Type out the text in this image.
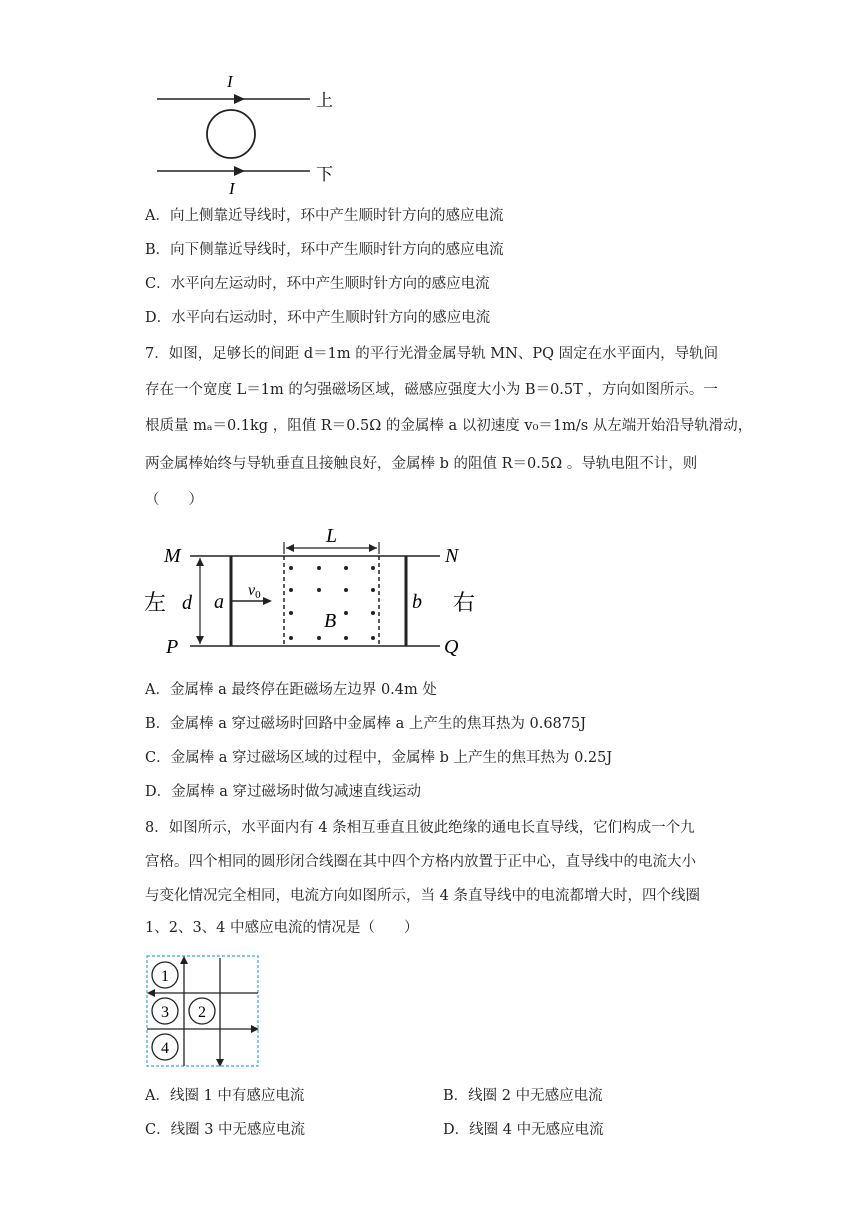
I
I
上
下
A．向上侧靠近导线时，环中产生顺时针方向的感应电流
B．向下侧靠近导线时，环中产生顺时针方向的感应电流
C．水平向左运动时，环中产生顺时针方向的感应电流
D．水平向右运动时，环中产生顺时针方向的感应电流
7．如图，足够长的间距 d＝1m 的平行光滑金属导轨 MN、PQ 固定在水平面内，导轨间
存在一个宽度 L＝1m 的匀强磁场区域，磁感应强度大小为 B＝0.5T ，方向如图所示。一
根质量 mₐ＝0.1kg ，阻值 R＝0.5Ω 的金属棒 a 以初速度 v₀＝1m/s 从左端开始沿导轨滑动，
两金属棒始终与导轨垂直且接触良好，金属棒 b 的阻值 R＝0.5Ω 。导轨电阻不计，则
（　　）
L
d
v0
B
a	b
M	N
P	Q
左	右
A．金属棒 a 最终停在距磁场左边界 0.4m 处
B．金属棒 a 穿过磁场时回路中金属棒 a 上产生的焦耳热为 0.6875J
C．金属棒 a 穿过磁场区域的过程中，金属棒 b 上产生的焦耳热为 0.25J
D．金属棒 a 穿过磁场时做匀减速直线运动
8．如图所示，水平面内有 4 条相互垂直且彼此绝缘的通电长直导线，它们构成一个九
宫格。四个相同的圆形闭合线圈在其中四个方格内放置于正中心，直导线中的电流大小
与变化情况完全相同，电流方向如图所示，当 4 条直导线中的电流都增大时，四个线圈
1、2、3、4 中感应电流的情况是（　　）
1
3 2
4
A．线圈 1 中有感应电流	B．线圈 2 中无感应电流
C．线圈 3 中无感应电流	D．线圈 4 中无感应电流
